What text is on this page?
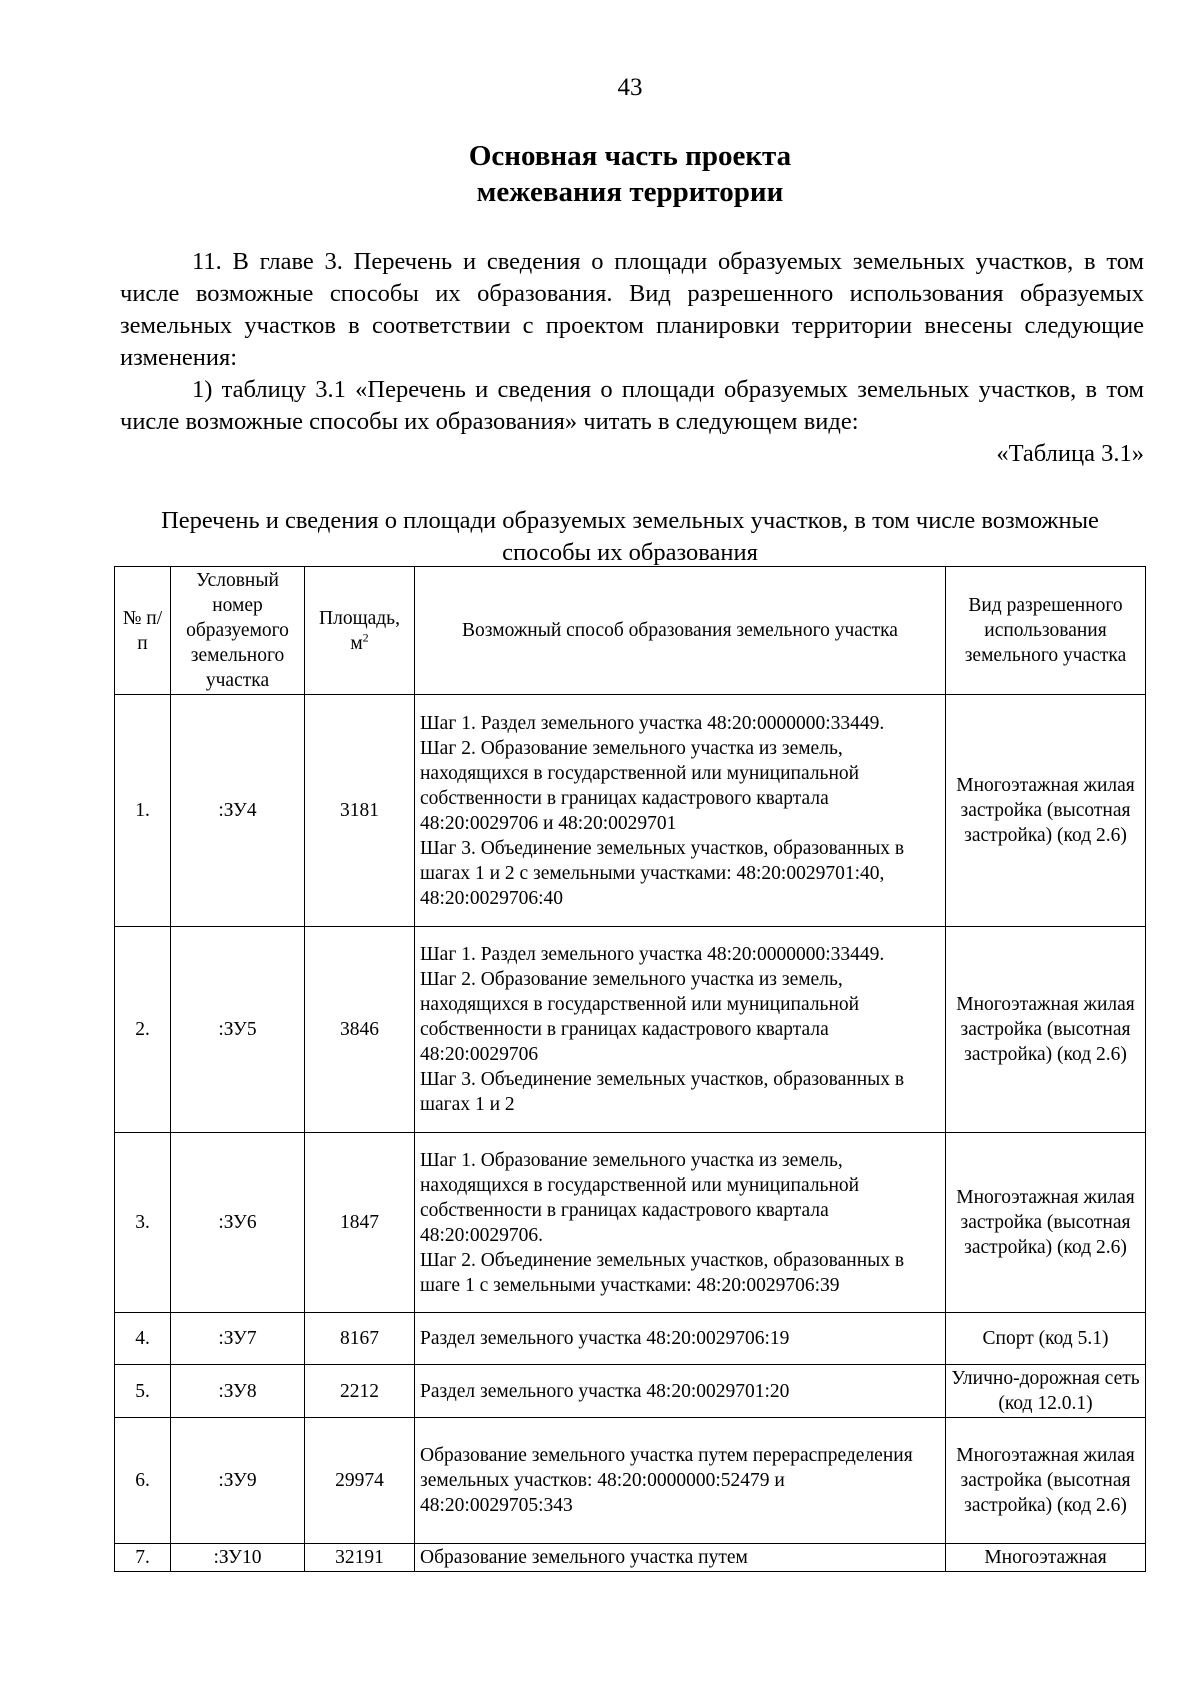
43
Основная часть проекта
межевания территории

11. В главе 3. Перечень и сведения о площади образуемых земельных участков, в том числе возможные способы их образования. Вид разрешенного использования образуемых земельных участков в соответствии с проектом планировки территории внесены следующие изменения:

1) таблицу 3.1 «Перечень и сведения о площади образуемых земельных участков, в том числе возможные способы их образования» читать в следующем виде:

«Таблица 3.1»

Перечень и сведения о площади образуемых земельных участков, в том числе возможные способы их образования
№ п/п	Условный номер образуемого земельного участка	Площадь, $м^2$	Возможный способ образования земельного участка	Вид разрешенного использования земельного участка
1.	:ЗУ4	3181	Шаг 1. Раздел земельного участка 48:20:0000000:33449.
Шаг 2. Образование земельного участка из земель, находящихся в государственной или муниципальной собственности в границах кадастрового квартала 48:20:0029706 и 48:20:0029701
Шаг 3. Объединение земельных участков, образованных в шагах 1 и 2 с земельными участками: 48:20:0029701:40, 48:20:0029706:40	Многоэтажная жилая застройка (высотная застройка) (код 2.6)
2.	:ЗУ5	3846	Шаг 1. Раздел земельного участка 48:20:0000000:33449.
Шаг 2. Образование земельного участка из земель, находящихся в государственной или муниципальной собственности в границах кадастрового квартала 48:20:0029706
Шаг 3. Объединение земельных участков, образованных в шагах 1 и 2	Многоэтажная жилая застройка (высотная застройка) (код 2.6)
3.	:ЗУ6	1847	Шаг 1. Образование земельного участка из земель, находящихся в государственной или муниципальной собственности в границах кадастрового квартала 48:20:0029706.
Шаг 2. Объединение земельных участков, образованных в шаге 1 с земельными участками: 48:20:0029706:39	Многоэтажная жилая застройка (высотная застройка) (код 2.6)
4.	:ЗУ7	8167	Раздел земельного участка 48:20:0029706:19	Спорт (код 5.1)
5.	:ЗУ8	2212	Раздел земельного участка 48:20:0029701:20	Улично-дорожная сеть (код 12.0.1)
6.	:ЗУ9	29974	Образование земельного участка путем перераспределения земельных участков: 48:20:0000000:52479 и 48:20:0029705:343	Многоэтажная жилая застройка (высотная застройка) (код 2.6)
7.	:ЗУ10	32191	Образование земельного участка путем	Многоэтажная
